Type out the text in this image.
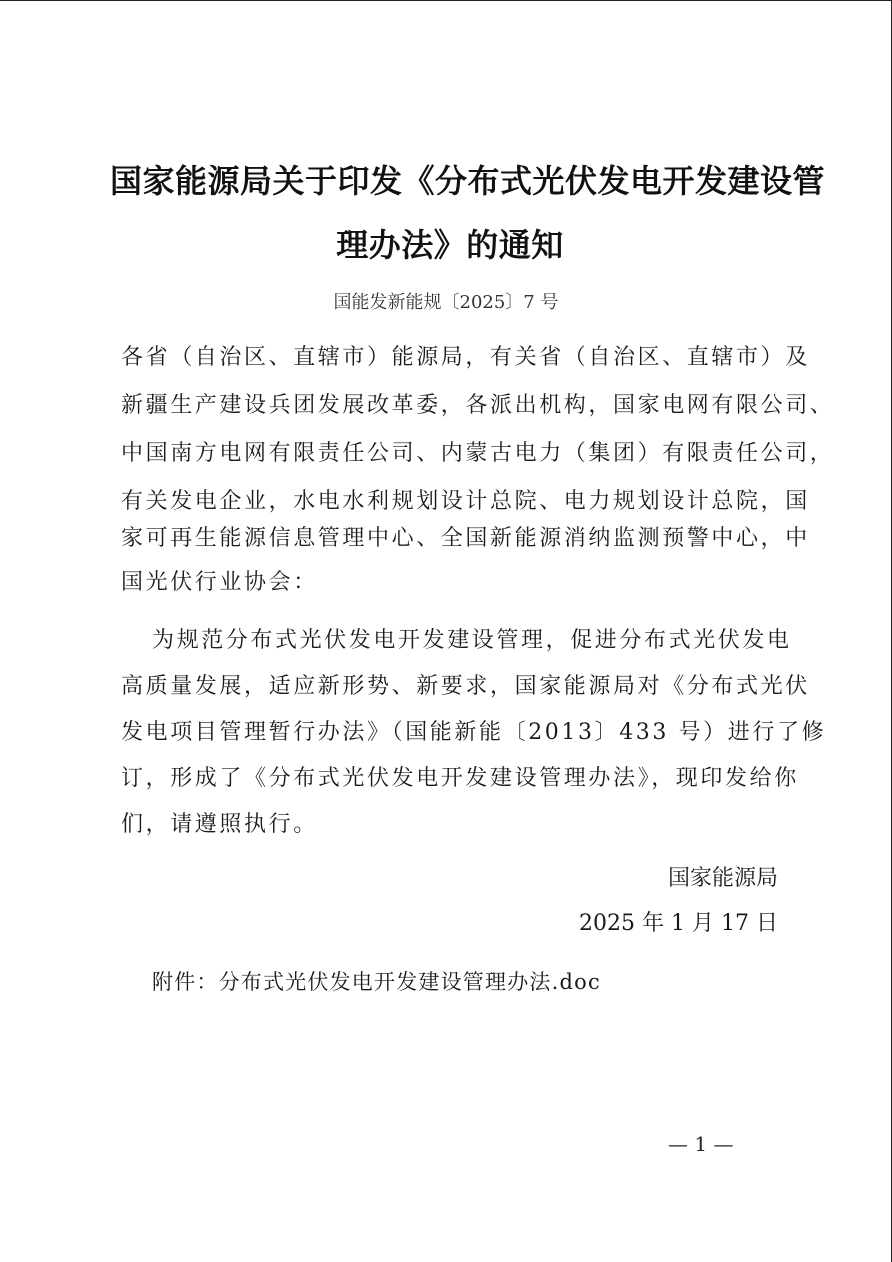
国家能源局关于印发《分布式光伏发电开发建设管
理办法》的通知
国能发新能规〔2025〕7 号
各省（自治区、直辖市）能源局，有关省（自治区、直辖市）及
新疆生产建设兵团发展改革委，各派出机构，国家电网有限公司、
中国南方电网有限责任公司、内蒙古电力（集团）有限责任公司，
有关发电企业，水电水利规划设计总院、电力规划设计总院，国
家可再生能源信息管理中心、全国新能源消纳监测预警中心，中
国光伏行业协会：
为规范分布式光伏发电开发建设管理，促进分布式光伏发电
高质量发展，适应新形势、新要求，国家能源局对《分布式光伏
发电项目管理暂行办法》（国能新能〔2013〕433 号）进行了修
订，形成了《分布式光伏发电开发建设管理办法》，现印发给你
们，请遵照执行。
国家能源局
2025 年 1 月 17 日
附件：分布式光伏发电开发建设管理办法.doc
— 1 —
